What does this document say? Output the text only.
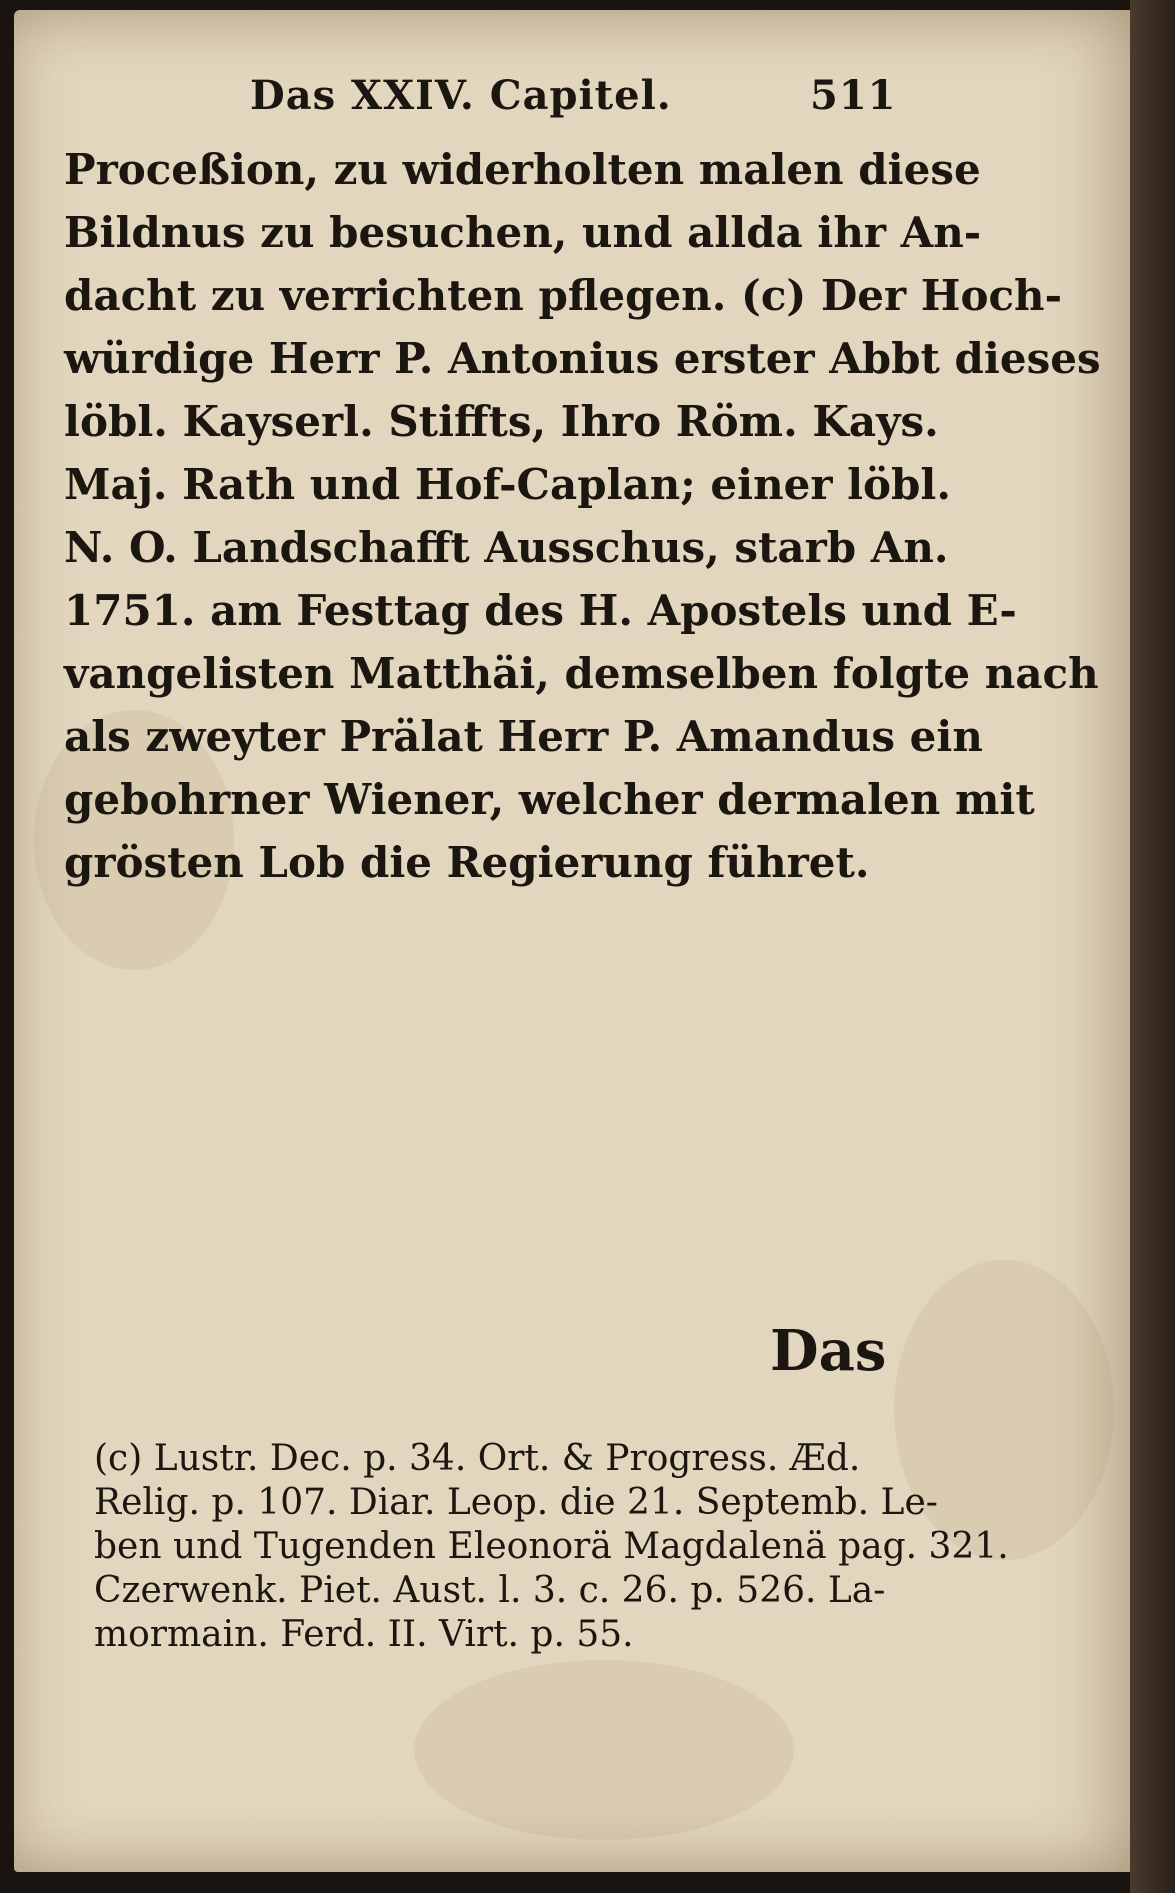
Das XXIV. Capitel.	511
Proceßion, zu widerholten malen diese
Bildnus zu besuchen, und allda ihr An-
dacht zu verrichten pflegen. (c) Der Hoch-
würdige Herr P. Antonius erster Abbt dieses
löbl. Kayserl. Stiffts, Ihro Röm. Kays.
Maj. Rath und Hof-Caplan; einer löbl.
N. O. Landschafft Ausschus, starb An.
1751. am Festtag des H. Apostels und E-
vangelisten Matthäi, demselben folgte nach
als zweyter Prälat Herr P. Amandus ein
gebohrner Wiener, welcher dermalen mit
grösten Lob die Regierung führet.
Das
(c) Lustr. Dec. p. 34. Ort. & Progress. Æd.
Relig. p. 107. Diar. Leop. die 21. Septemb. Le-
ben und Tugenden Eleonorä Magdalenä pag. 321.
Czerwenk. Piet. Aust. l. 3. c. 26. p. 526. La-
mormain. Ferd. II. Virt. p. 55.
